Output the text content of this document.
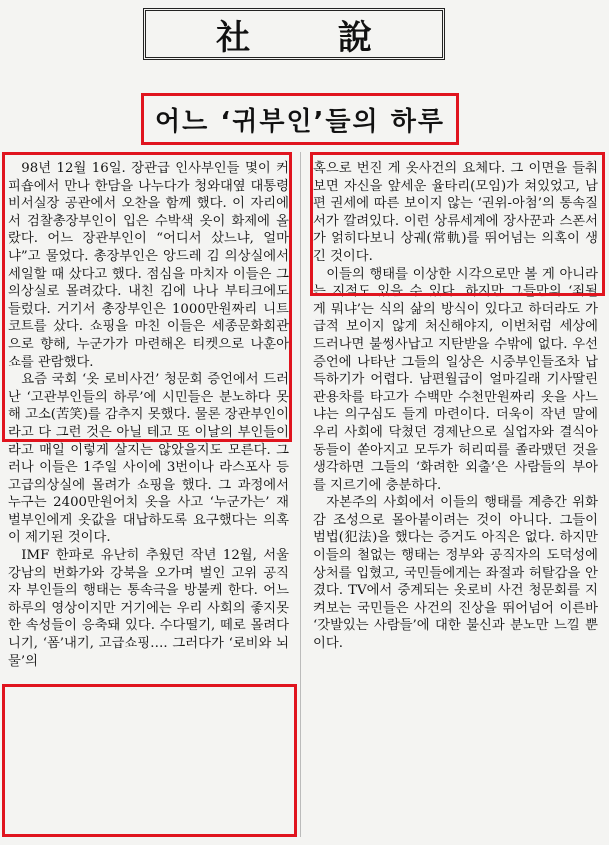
社 說
어느 ‘귀부인’들의 하루

98년 12월 16일. 장관급 인사부인들 몇이 커피숍에서 만나 한담을 나누다가 청와대옆 대통령 비서실장 공관에서 오찬을 함께 했다. 이 자리에서 검찰총장부인이 입은 수박색 옷이 화제에 올랐다. 어느 장관부인이 “어디서 샀느냐, 얼마냐”고 물었다. 총장부인은 앙드레 김 의상실에서 세일할 때 샀다고 했다. 점심을 마치자 이들은 그 의상실로 몰려갔다. 내친 김에 나나 부티크에도 들렀다. 거기서 총장부인은 1000만원짜리 니트코트를 샀다. 쇼핑을 마친 이들은 세종문화회관으로 향해, 누군가가 마련해온 티켓으로 나훈아 쇼를 관람했다.

요즘 국회 ‘옷 로비사건’ 청문회 증언에서 드러난 ‘고관부인들의 하루’에 시민들은 분노하다 못해 고소(苦笑)를 감추지 못했다. 물론 장관부인이라고 다 그런 것은 아닐 테고 또 이날의 부인들이라고 매일 이렇게 살지는 않았을지도 모른다. 그러나 이들은 1주일 사이에 3번이나 라스포사 등 고급의상실에 몰려가 쇼핑을 했다. 그 과정에서 누구는 2400만원어치 옷을 사고 ‘누군가는’ 재벌부인에게 옷값을 대납하도록 요구했다는 의혹이 제기된 것이다.

IMF 한파로 유난히 추웠던 작년 12월, 서울 강남의 번화가와 강북을 오가며 벌인 고위 공직자 부인들의 행태는 통속극을 방불케 한다. 어느 하루의 영상이지만 거기에는 우리 사회의 좋지못한 속성들이 응축돼 있다. 수다떨기, 떼로 몰려다니기, ‘폼’내기, 고급쇼핑…. 그러다가 ‘로비와 뇌물’의

혹으로 번진 게 옷사건의 요체다. 그 이면을 들춰보면 자신을 앞세운 율타리(모임)가 쳐있었고, 남편 권세에 따른 보이지 않는 ‘권위-아첨’의 통속질서가 깔려있다. 이런 상류세계에 장사꾼과 스폰서가 얽히다보니 상궤(常軌)를 뛰어넘는 의혹이 생긴 것이다.

이들의 행태를 이상한 시각으로만 볼 게 아니라는 지적도 있을 수 있다. 하지만 그들만의 ‘죄될 게 뭐냐’는 식의 삶의 방식이 있다고 하더라도 가급적 보이지 않게 처신해야지, 이번처럼 세상에 드러나면 불썽사납고 지탄받을 수밖에 없다. 우선 증언에 나타난 그들의 일상은 시중부인들조차 납득하기가 어렵다. 남편월급이 얼마길래 기사딸린 관용차를 타고가 수백만 수천만원짜리 옷을 사느냐는 의구심도 들게 마련이다. 더욱이 작년 말에 우리 사회에 닥쳤던 경제난으로 실업자와 결식아동들이 쏟아지고 모두가 허리띠를 졸라맸던 것을 생각하면 그들의 ‘화려한 외출’은 사람들의 부아를 지르기에 충분하다.

자본주의 사회에서 이들의 행태를 계층간 위화감 조성으로 몰아붙이려는 것이 아니다. 그들이 범법(犯法)을 했다는 증거도 아직은 없다. 하지만 이들의 철없는 행태는 정부와 공직자의 도덕성에 상처를 입혔고, 국민들에게는 좌절과 허탈감을 안겼다. TV에서 중계되는 옷로비 사건 청문회를 지켜보는 국민들은 사건의 진상을 뛰어넘어 이른바 ‘갓발있는 사람들’에 대한 불신과 분노만 느낄 뿐이다.
